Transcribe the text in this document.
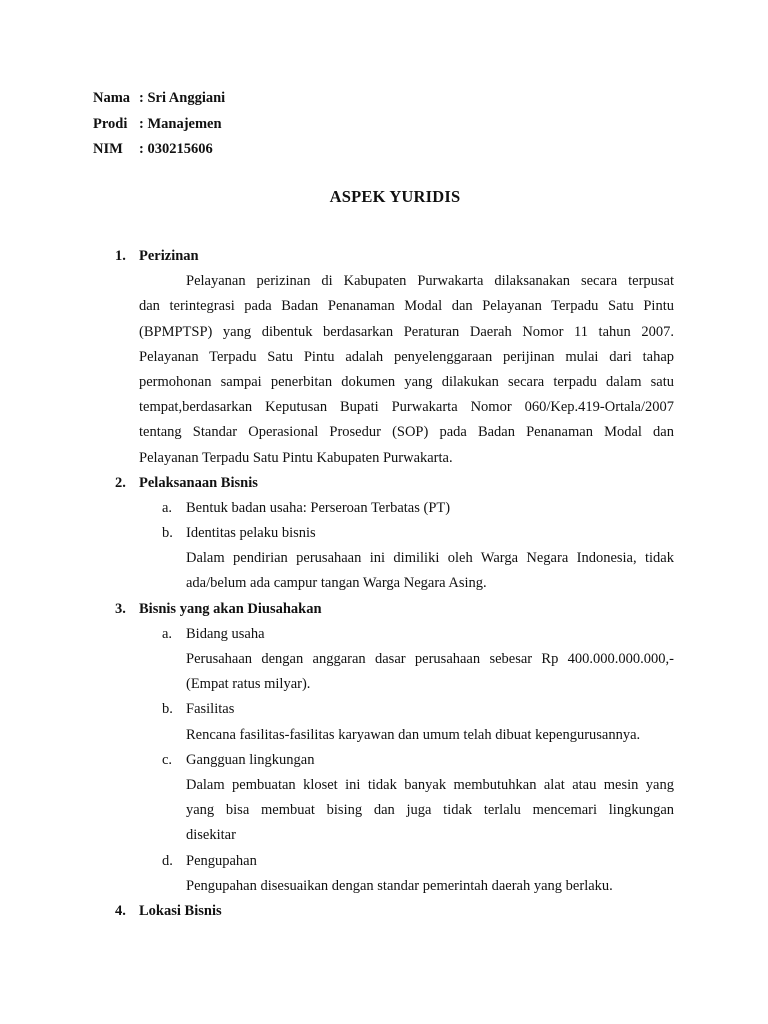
Nama : Sri Anggiani
Prodi : Manajemen
NIM	: 030215606
ASPEK YURIDIS
1. Perizinan
Pelayanan perizinan di Kabupaten Purwakarta dilaksanakan secara terpusat
dan terintegrasi pada Badan Penanaman Modal dan Pelayanan Terpadu Satu Pintu
(BPMPTSP) yang dibentuk berdasarkan Peraturan Daerah Nomor 11 tahun 2007.
Pelayanan Terpadu Satu Pintu adalah penyelenggaraan perijinan mulai dari tahap
permohonan sampai penerbitan dokumen yang dilakukan secara terpadu dalam satu
tempat,berdasarkan Keputusan Bupati Purwakarta Nomor 060/Kep.419-Ortala/2007
tentang Standar Operasional Prosedur (SOP) pada Badan Penanaman Modal dan
Pelayanan Terpadu Satu Pintu Kabupaten Purwakarta.
2. Pelaksanaan Bisnis
a. Bentuk badan usaha: Perseroan Terbatas (PT)
b. Identitas pelaku bisnis
Dalam pendirian perusahaan ini dimiliki oleh Warga Negara Indonesia, tidak
ada/belum ada campur tangan Warga Negara Asing.
3. Bisnis yang akan Diusahakan
a. Bidang usaha
Perusahaan dengan anggaran dasar perusahaan sebesar Rp 400.000.000.000,-
(Empat ratus milyar).
b. Fasilitas
Rencana fasilitas-fasilitas karyawan dan umum telah dibuat kepengurusannya.
c. Gangguan lingkungan
Dalam pembuatan kloset ini tidak banyak membutuhkan alat atau mesin yang
yang bisa membuat bising dan juga tidak terlalu mencemari lingkungan
disekitar
d. Pengupahan
Pengupahan disesuaikan dengan standar pemerintah daerah yang berlaku.
4. Lokasi Bisnis
